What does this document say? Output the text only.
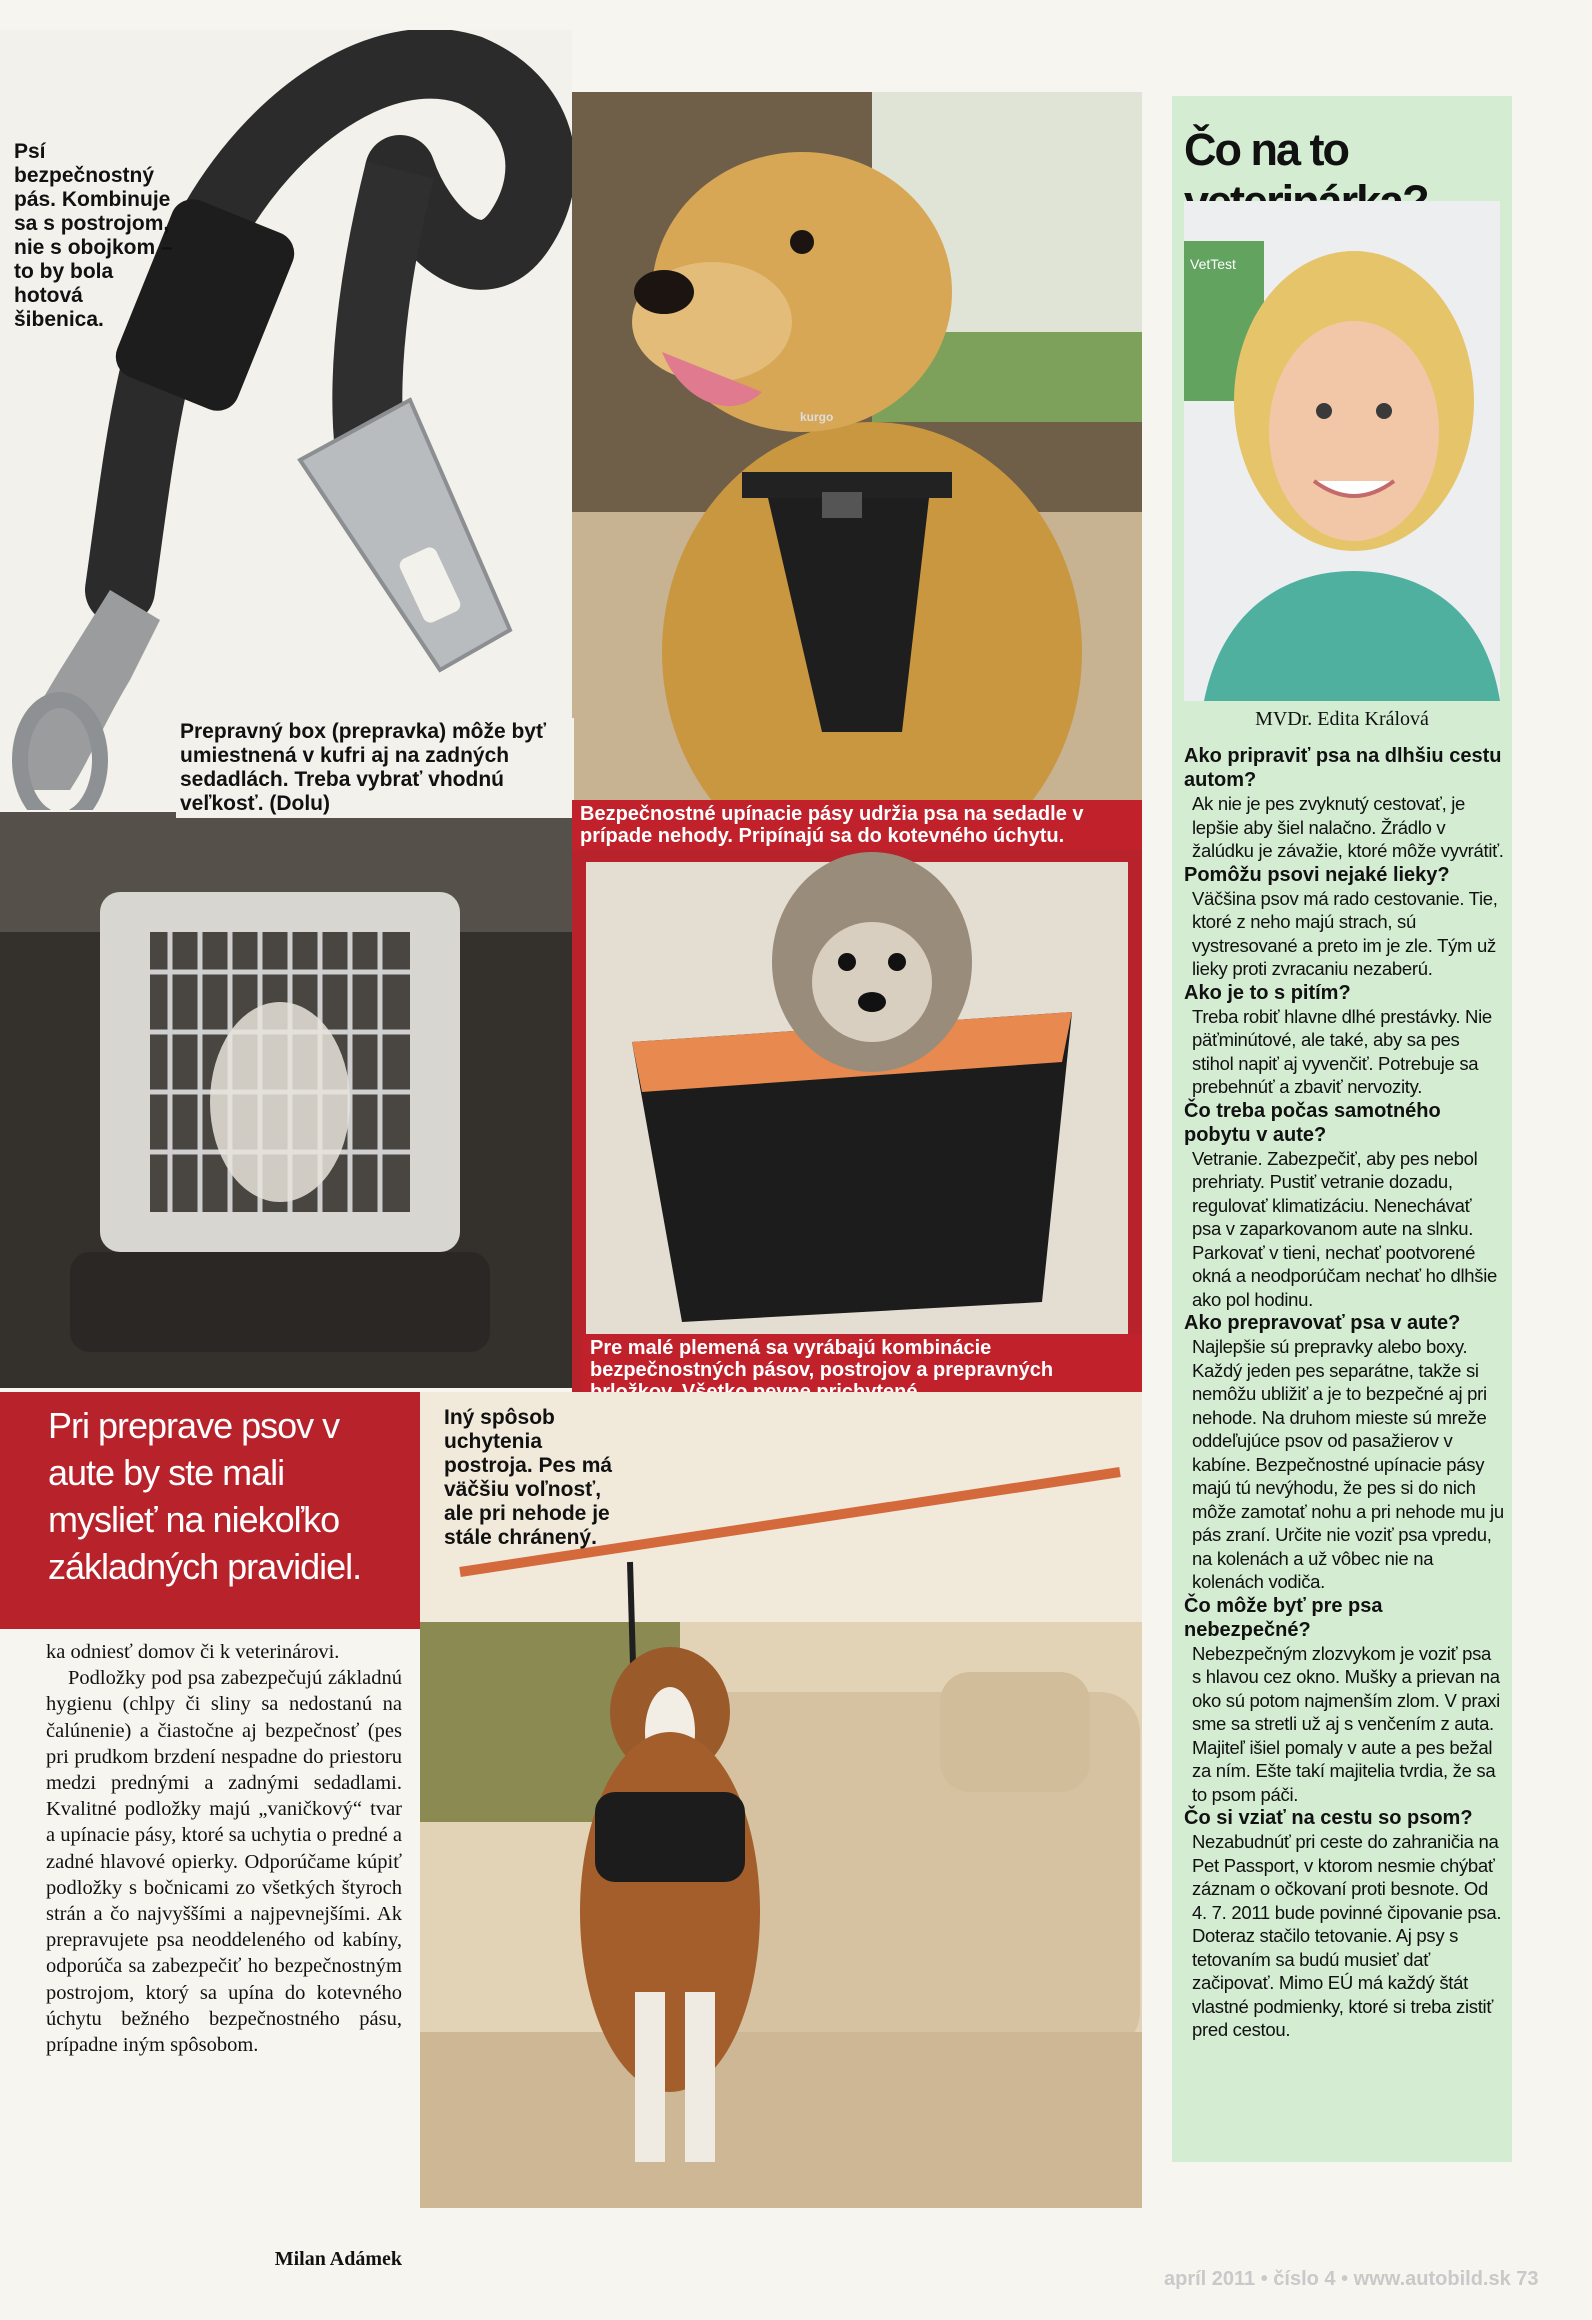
Psí bezpečnostný pás. Kombinuje sa s postrojom, nie s obojkom – to by bola hotová šibenica.
Prepravný box (prepravka) môže byť umiestnená v kufri aj na zadných sedadlách. Treba vybrať vhodnú veľkosť. (Dolu)	Bezpečnostné upínacie pásy udržia psa na sedadle v prípade nehody. Pripínajú sa do kotevného úchytu.
Pre malé plemená sa vyrábajú kombinácie bezpečnostných pásov, postrojov a prepravných
Iný spôsob uchytenia postroja. Pes má väčšiu voľnosť, ale pri nehode je stále chránený.
Pri preprave psov v aute by ste mali myslieť na niekoľko základných pravidiel.
ka odniesť domov či k veterinárovi.
Podložky pod psa zabezpečujú základnú hygienu (chlpy či sliny sa nedostanú na čalúnenie) a čiastočne aj bezpečnosť (pes pri prudkom brzdení nespadne do priestoru medzi prednými a zadnými sedadlami. Kvalitné podložky majú „vaničkový“ tvar a upínacie pásy, ktoré sa uchytia o predné a zadné hlavové opierky. Odporúčame kúpiť podložky s bočnicami zo všetkých štyroch strán a čo najvyššími a najpevnejšími. Ak prepravujete psa neoddeleného od kabíny, odporúča sa zabezpečiť ho bezpečnostným postrojom, ktorý sa upína do kotevného úchytu bežného bezpečnostného pásu, prípadne iným spôsobom.
Milan Adámek
Čo na to
VetTest
MVDr. Edita Králová

Ako pripraviť psa na dlhšiu cestu autom?

Ak nie je pes zvyknutý cestovať, je lepšie aby šiel nalačno. Žrádlo v žalúdku je závažie, ktoré môže vyvrátiť.

Pomôžu psovi nejaké lieky?

Väčšina psov má rado cestovanie. Tie, ktoré z neho majú strach, sú vystresované a preto im je zle. Tým už lieky proti zvracaniu nezaberú.

Ako je to s pitím?

Treba robiť hlavne dlhé prestávky. Nie päťminútové, ale také, aby sa pes stihol napiť aj vyvenčiť. Potrebuje sa prebehnúť a zbaviť nervozity.

Čo treba počas samotného pobytu v aute?

Vetranie. Zabezpečiť, aby pes nebol prehriaty. Pustiť vetranie dozadu, regulovať klimatizáciu. Nenechávať psa v zaparkovanom aute na slnku. Parkovať v tieni, nechať pootvorené okná a neodporúčam nechať ho dlhšie ako pol hodinu.

Ako prepravovať psa v aute?

Najlepšie sú prepravky alebo boxy. Každý jeden pes separátne, takže si nemôžu ubližiť a je to bezpečné aj pri nehode. Na druhom mieste sú mreže oddeľujúce psov od pasažierov v kabíne. Bezpečnostné upínacie pásy majú tú nevýhodu, že pes si do nich môže zamotať nohu a pri nehode mu ju pás zraní. Určite nie voziť psa vpredu, na kolenách a už vôbec nie na kolenách vodiča.

Čo môže byť pre psa nebezpečné?

Nebezpečným zlozvykom je voziť psa s hlavou cez okno. Mušky a prievan na oko sú potom najmenším zlom. V praxi sme sa stretli už aj s venčením z auta. Majiteľ išiel pomaly v aute a pes bežal za ním. Ešte takí majitelia tvrdia, že sa to psom páči.

Čo si vziať na cestu so psom?

Nezabudnúť pri ceste do zahraničia na Pet Passport, v ktorom nesmie chýbať záznam o očkovaní proti besnote. Od 4. 7. 2011 bude povinné čipovanie psa. Doteraz stačilo tetovanie. Aj psy s tetovaním sa budú musieť dať začipovať. Mimo EÚ má každý štát vlastné podmienky, ktoré si treba zistiť pred cestou.

kurgo
apríl 2011 • číslo 4 • www.autobild.sk 73
